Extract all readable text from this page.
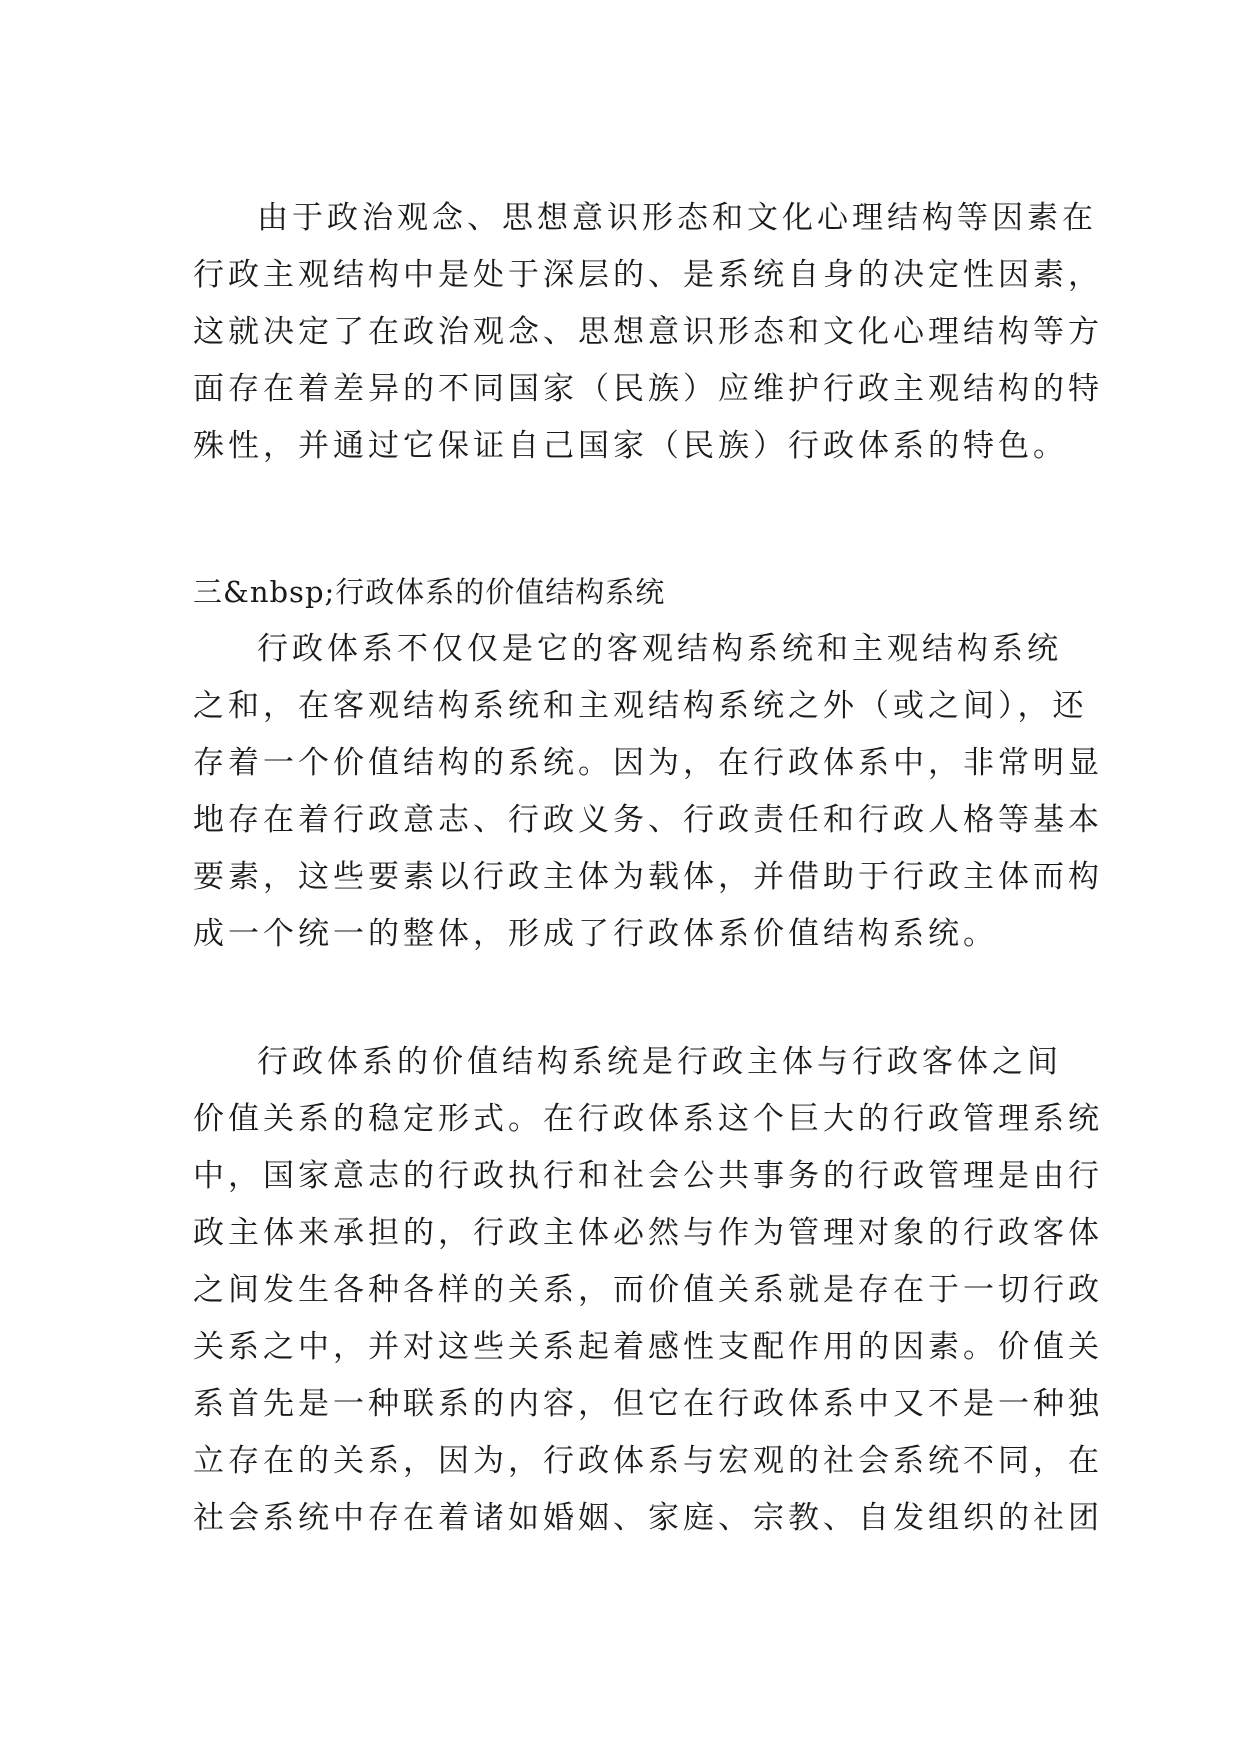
由于政治观念、思想意识形态和文化心理结构等因素在
行政主观结构中是处于深层的、是系统自身的决定性因素，
这就决定了在政治观念、思想意识形态和文化心理结构等方
面存在着差异的不同国家（民族）应维护行政主观结构的特
殊性，并通过它保证自己国家（民族）行政体系的特色。
三&nbsp;行政体系的价值结构系统
行政体系不仅仅是它的客观结构系统和主观结构系统
之和，在客观结构系统和主观结构系统之外（或之间），还
存着一个价值结构的系统。因为，在行政体系中，非常明显
地存在着行政意志、行政义务、行政责任和行政人格等基本
要素，这些要素以行政主体为载体，并借助于行政主体而构
成一个统一的整体，形成了行政体系价值结构系统。
行政体系的价值结构系统是行政主体与行政客体之间
价值关系的稳定形式。在行政体系这个巨大的行政管理系统
中，国家意志的行政执行和社会公共事务的行政管理是由行
政主体来承担的，行政主体必然与作为管理对象的行政客体
之间发生各种各样的关系，而价值关系就是存在于一切行政
关系之中，并对这些关系起着感性支配作用的因素。价值关
系首先是一种联系的内容，但它在行政体系中又不是一种独
立存在的关系，因为，行政体系与宏观的社会系统不同，在
社会系统中存在着诸如婚姻、家庭、宗教、自发组织的社团
